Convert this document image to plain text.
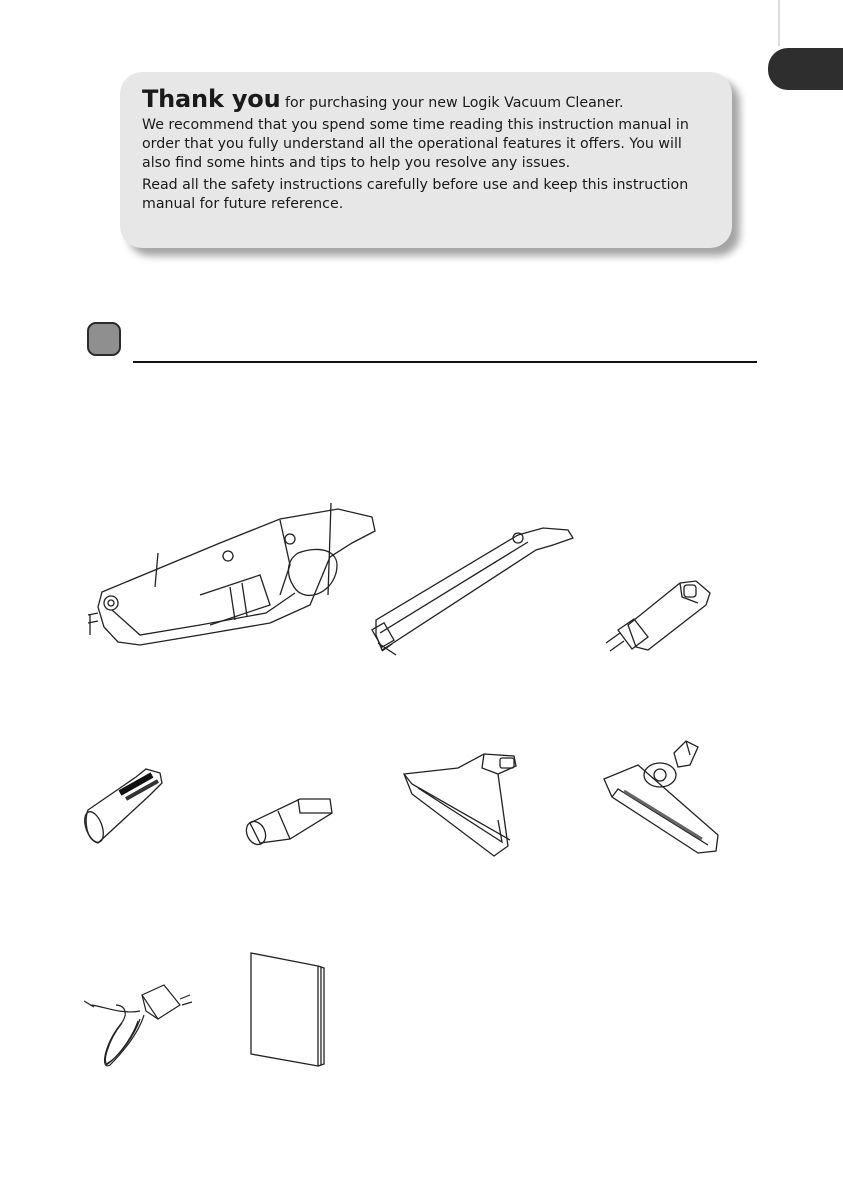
Thank you for purchasing your new Logik Vacuum Cleaner.

We recommend that you spend some time reading this instruction manual in order that you fully understand all the operational features it offers. You will also find some hints and tips to help you resolve any issues.

Read all the safety instructions carefully before use and keep this instruction manual for future reference.
